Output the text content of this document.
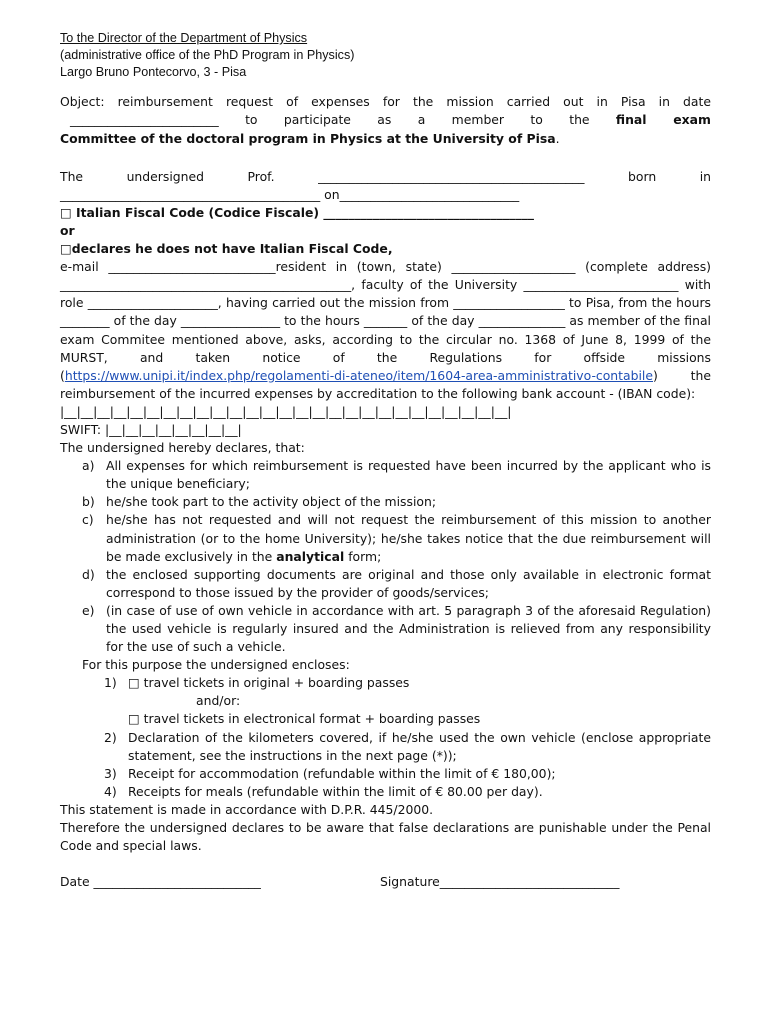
To the Director of the Department of Physics
(administrative office of the PhD Program in Physics)
Largo Bruno Pontecorvo, 3 - Pisa

Object: reimbursement request of expenses for the mission carried out in Pisa in date

________________________ to participate as a member to the final exam

Committee of the doctoral program in Physics at the University of Pisa.

The undersigned Prof. ___________________________________________ born in

__________________________________________ on_____________________________

□ Italian Fiscal Code (Codice Fiscale) __________________________________

or

□declares he does not have Italian Fiscal Code,

e-mail ___________________________resident in (town, state) ____________________ (complete address) _______________________________________________, faculty of the University _________________________ with role _____________________, having carried out the mission from __________________ to Pisa, from the hours ________ of the day ________________ to the hours _______ of the day ______________ as member of the final exam Commitee mentioned above, asks, according to the circular no. 1368 of June 8, 1999 of the MURST, and taken notice of the Regulations for offside missions (https://www.unipi.it/index.php/regolamenti-di-ateneo/item/1604-area-amministrativo-contabile) the reimbursement of the incurred expenses by accreditation to the following bank account - (IBAN code):

|__|__|__|__|__|__|__|__|__|__|__|__|__|__|__|__|__|__|__|__|__|__|__|__|__|__|__|

SWIFT: |__|__|__|__|__|__|__|__|

The undersigned hereby declares, that:

a) All expenses for which reimbursement is requested have been incurred by the applicant who is the unique beneficiary;
b) he/she took part to the activity object of the mission;
c) he/she has not requested and will not request the reimbursement of this mission to another administration (or to the home University); he/she takes notice that the due reimbursement will be made exclusively in the analytical form;
d) the enclosed supporting documents are original and those only available in electronic format correspond to those issued by the provider of goods/services;
e) (in case of use of own vehicle in accordance with art. 5 paragraph 3 of the aforesaid Regulation) the used vehicle is regularly insured and the Administration is relieved from any responsibility for the use of such a vehicle.

For this purpose the undersigned encloses:

1) □ travel tickets in original + boarding passes
and/or:
□ travel tickets in electronical format + boarding passes
2) Declaration of the kilometers covered, if he/she used the own vehicle (enclose appropriate statement, see the instructions in the next page (*));
3) Receipt for accommodation (refundable within the limit of € 180,00);
4) Receipts for meals (refundable within the limit of € 80.00 per day).

This statement is made in accordance with D.P.R. 445/2000.

Therefore the undersigned declares to be aware that false declarations are punishable under the Penal Code and special laws.

Date ___________________________	Signature_____________________________
